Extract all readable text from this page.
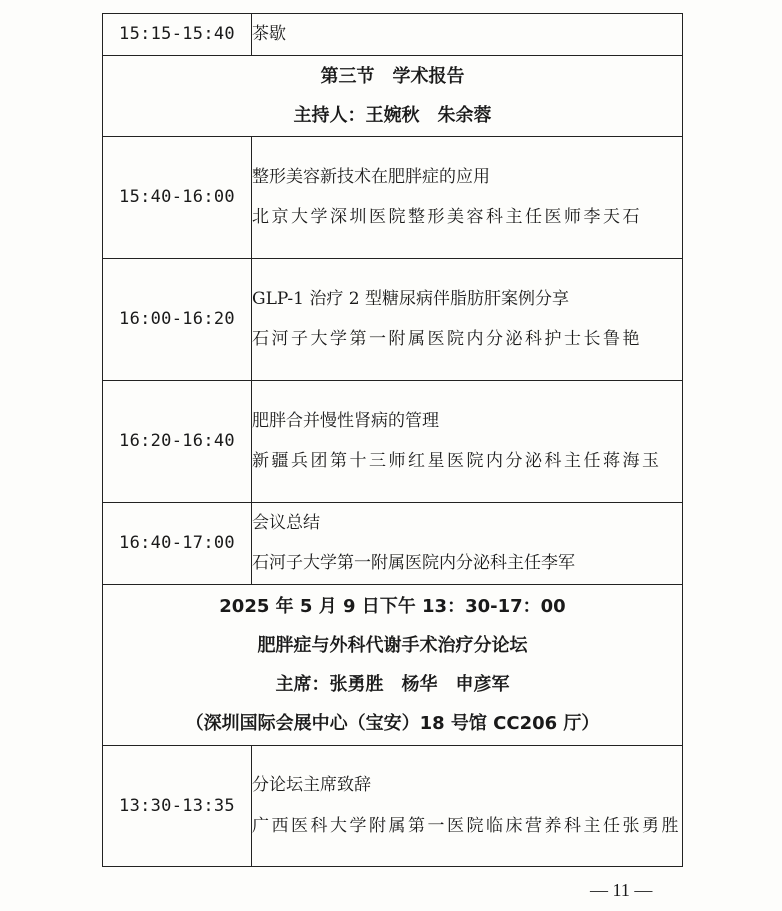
15:15-15:40	茶歇

第三节　学术报告
主持人：王婉秋　朱余蓉	

15:40-16:00	整形美容新技术在肥胖症的应用
北京大学深圳医院整形美容科主任医师李天石

16:00-16:20	GLP-1 治疗 2 型糖尿病伴脂肪肝案例分享
石河子大学第一附属医院内分泌科护士长鲁艳

16:20-16:40	肥胖合并慢性肾病的管理
新疆兵团第十三师红星医院内分泌科主任蒋海玉

16:40-17:00	会议总结
石河子大学第一附属医院内分泌科主任李军

2025 年 5 月 9 日下午 13：30-17：00
肥胖症与外科代谢手术治疗分论坛
主席：张勇胜　杨华　申彦军
（深圳国际会展中心（宝安）18 号馆 CC206 厅）	

13:30-13:35	分论坛主席致辞
广西医科大学附属第一医院临床营养科主任张勇胜
— 11 —
